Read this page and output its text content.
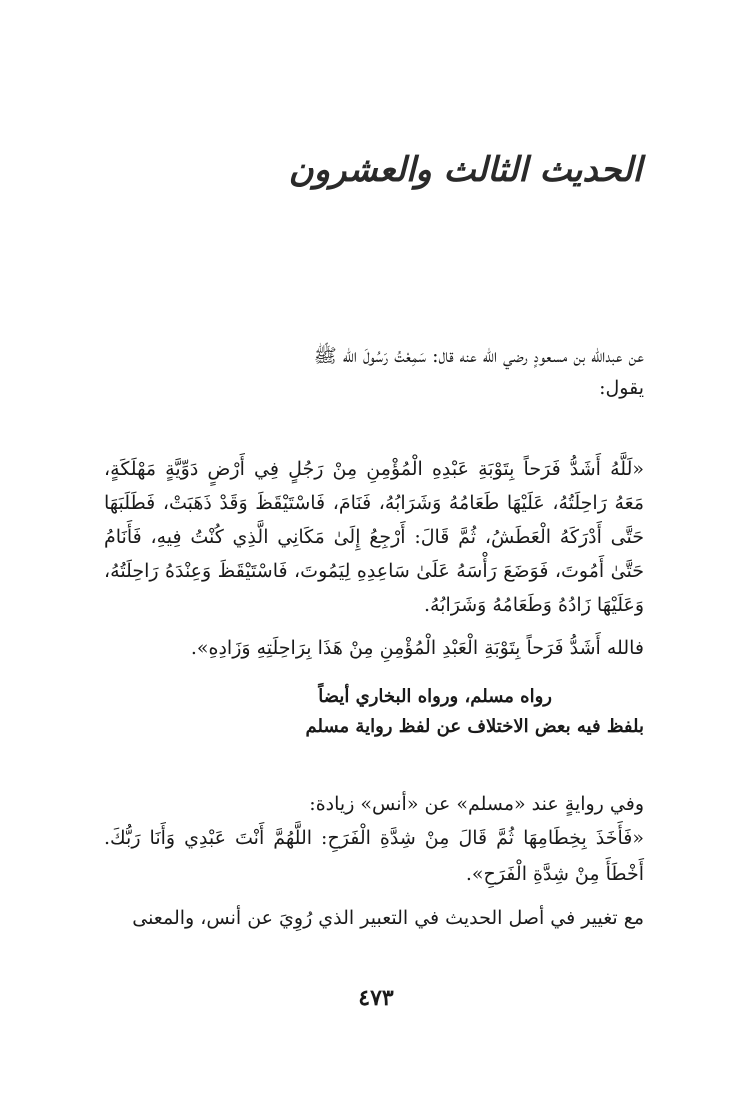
الحديث الثالث والعشرون
عن عبدالله بن مسعودٍ رضي الله عنه قال: سَمِعْتُ رَسُولَ الله ﷺ
يقول:
«لَلَّهُ أَشَدُّ فَرَحاً بِتَوْبَةِ عَبْدِهِ الْمُؤْمِنِ مِنْ رَجُلٍ فِي أَرْضٍ دَوِّيَّةٍ مَهْلَكَةٍ، مَعَهُ رَاحِلَتُهُ، عَلَيْهَا طَعَامُهُ وَشَرَابُهُ، فَنَامَ، فَاسْتَيْقَظَ وَقَدْ ذَهَبَتْ، فَطَلَبَهَا حَتَّى أَدْرَكَهُ الْعَطَشُ، ثُمَّ قَالَ: أَرْجِعُ إِلَىٰ مَكَانِي الَّذِي كُنْتُ فِيهِ، فَأَنَامُ حَتَّىٰ أَمُوتَ، فَوَضَعَ رَأْسَهُ عَلَىٰ سَاعِدِهِ لِيَمُوتَ، فَاسْتَيْقَظَ وَعِنْدَهُ رَاحِلَتُهُ، وَعَلَيْهَا زَادُهُ وَطَعَامُهُ وَشَرَابُهُ.
فالله أَشَدُّ فَرَحاً بِتَوْبَةِ الْعَبْدِ الْمُؤْمِنِ مِنْ هَذَا بِرَاحِلَتِهِ وَزَادِهِ».
رواه مسلم، ورواه البخاري أيضاً
بلفظ فيه بعض الاختلاف عن لفظ رواية مسلم
وفي روايةٍ عند «مسلم» عن «أنس» زيادة:
«فَأَخَذَ بِخِطَامِهَا ثُمَّ قَالَ مِنْ شِدَّةِ الْفَرَحِ: اللَّهُمَّ أَنْتَ عَبْدِي وَأَنَا رَبُّكَ. أَخْطَأَ مِنْ شِدَّةِ الْفَرَحِ».
مع تغيير في أصل الحديث في التعبير الذي رُوِيَ عن أنس، والمعنى
٤٧٣
